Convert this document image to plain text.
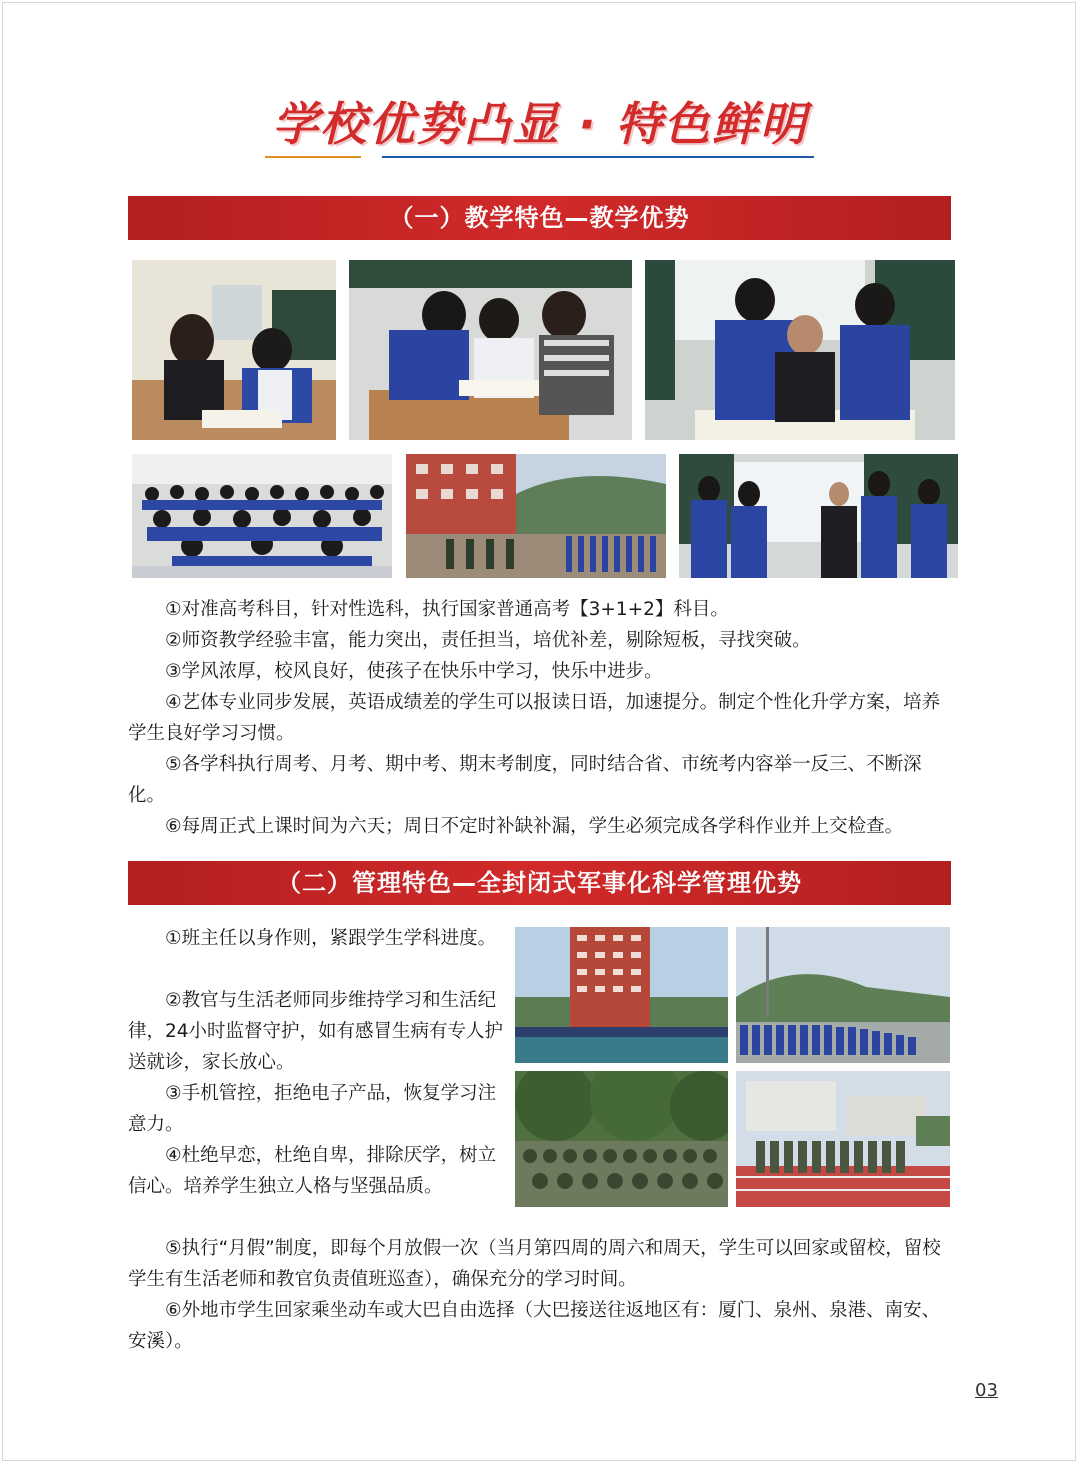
学校优势凸显 · 特色鲜明
（一）教学特色—教学优势

①对准高考科目，针对性选科，执行国家普通高考【3+1+2】科目。

②师资教学经验丰富，能力突出，责任担当，培优补差，剔除短板，寻找突破。

③学风浓厚，校风良好，使孩子在快乐中学习，快乐中进步。

④艺体专业同步发展，英语成绩差的学生可以报读日语，加速提分。制定个性化升学方案，培养学生良好学习习惯。

⑤各学科执行周考、月考、期中考、期末考制度，同时结合省、市统考内容举一反三、不断深化。

⑥每周正式上课时间为六天；周日不定时补缺补漏，学生必须完成各学科作业并上交检查。

（二）管理特色—全封闭式军事化科学管理优势

①班主任以身作则，紧跟学生学科进度。

②教官与生活老师同步维持学习和生活纪律，24小时监督守护，如有感冒生病有专人护送就诊，家长放心。

③手机管控，拒绝电子产品，恢复学习注意力。

④杜绝早恋，杜绝自卑，排除厌学，树立信心。培养学生独立人格与坚强品质。

⑤执行“月假”制度，即每个月放假一次（当月第四周的周六和周天，学生可以回家或留校，留校学生有生活老师和教官负责值班巡查），确保充分的学习时间。

⑥外地市学生回家乘坐动车或大巴自由选择（大巴接送往返地区有：厦门、泉州、泉港、南安、安溪）。

03
